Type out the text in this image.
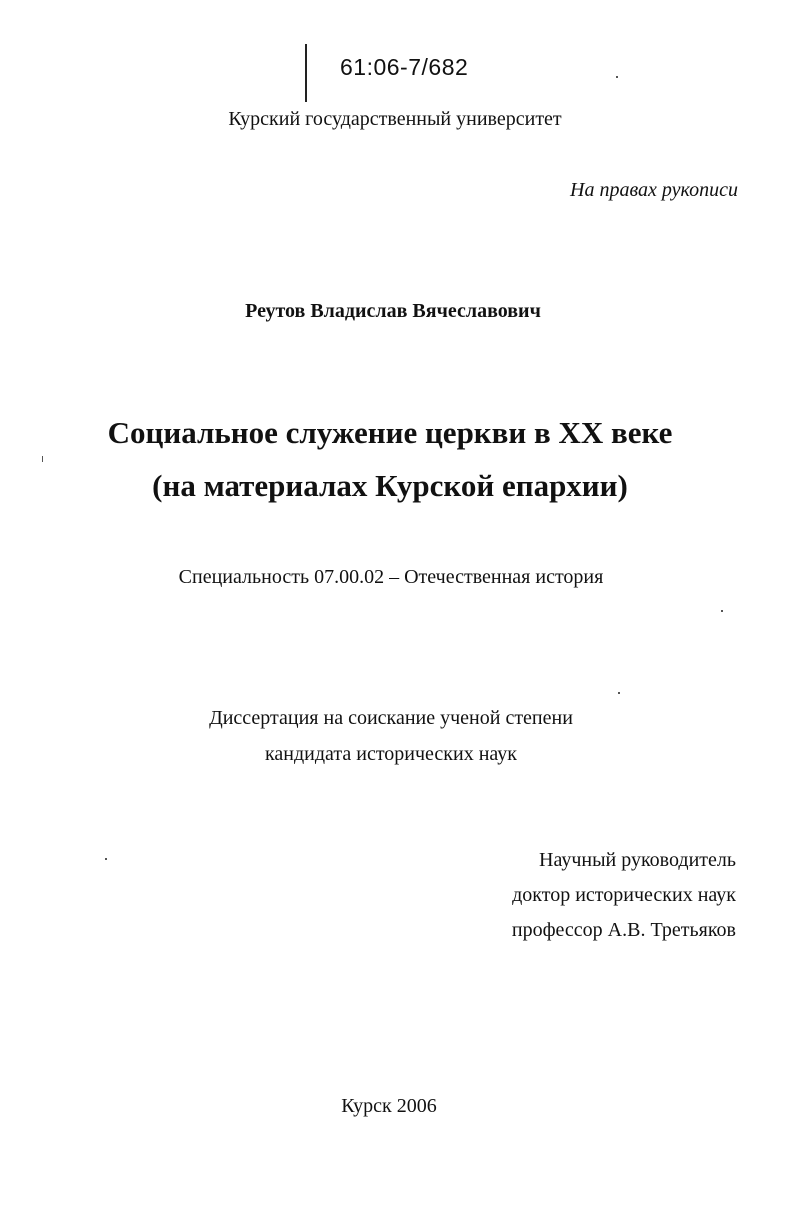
61:06-7/682
Курский государственный университет
На правах рукописи
Реутов Владислав Вячеславович
Социальное служение церкви в XX веке
(на материалах Курской епархии)
Специальность 07.00.02 – Отечественная история
Диссертация на соискание ученой степени
кандидата исторических наук
Научный руководитель
доктор исторических наук
профессор А.В. Третьяков
Курск 2006
